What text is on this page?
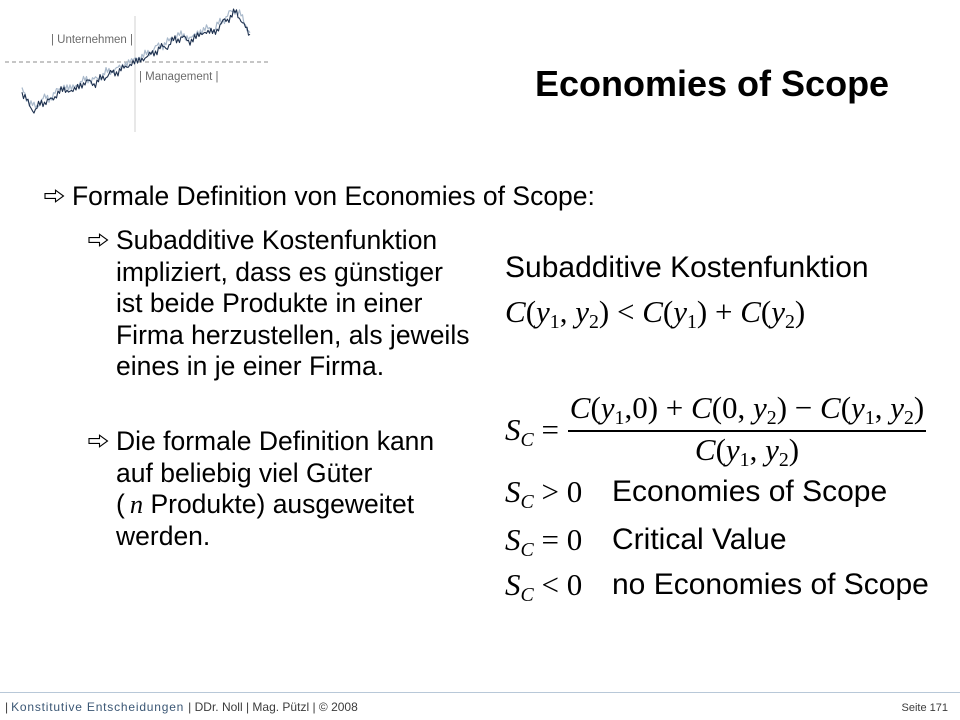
| Unternehmen |
| Management |	Economies of Scope
Formale Definition von Economies of Scope:
Subadditive Kostenfunktion
impliziert, dass es günstiger
ist beide Produkte in einer
Firma herzustellen, als jeweils
eines in je einer Firma.
Die formale Definition kann
auf beliebig viel Güter
( n Produkte) ausgeweitet
werden.
Subadditive Kostenfunktion
$C(y_1$, $y_2) < C(y_1) + C(y_2)$
$S_C$ =
$C(y_1,0) + C(0$, $y_2) - C(y_1$, $y_2$)
$C(y_1$, $y_2$)
$S_C > 0$ Economies of Scope
$S_C = 0$ Critical Value
$S_C < 0$ no Economies of Scope
| Konstitutive Entscheidungen | DDr. Noll | Mag. Pützl | © 2008	Seite 171
